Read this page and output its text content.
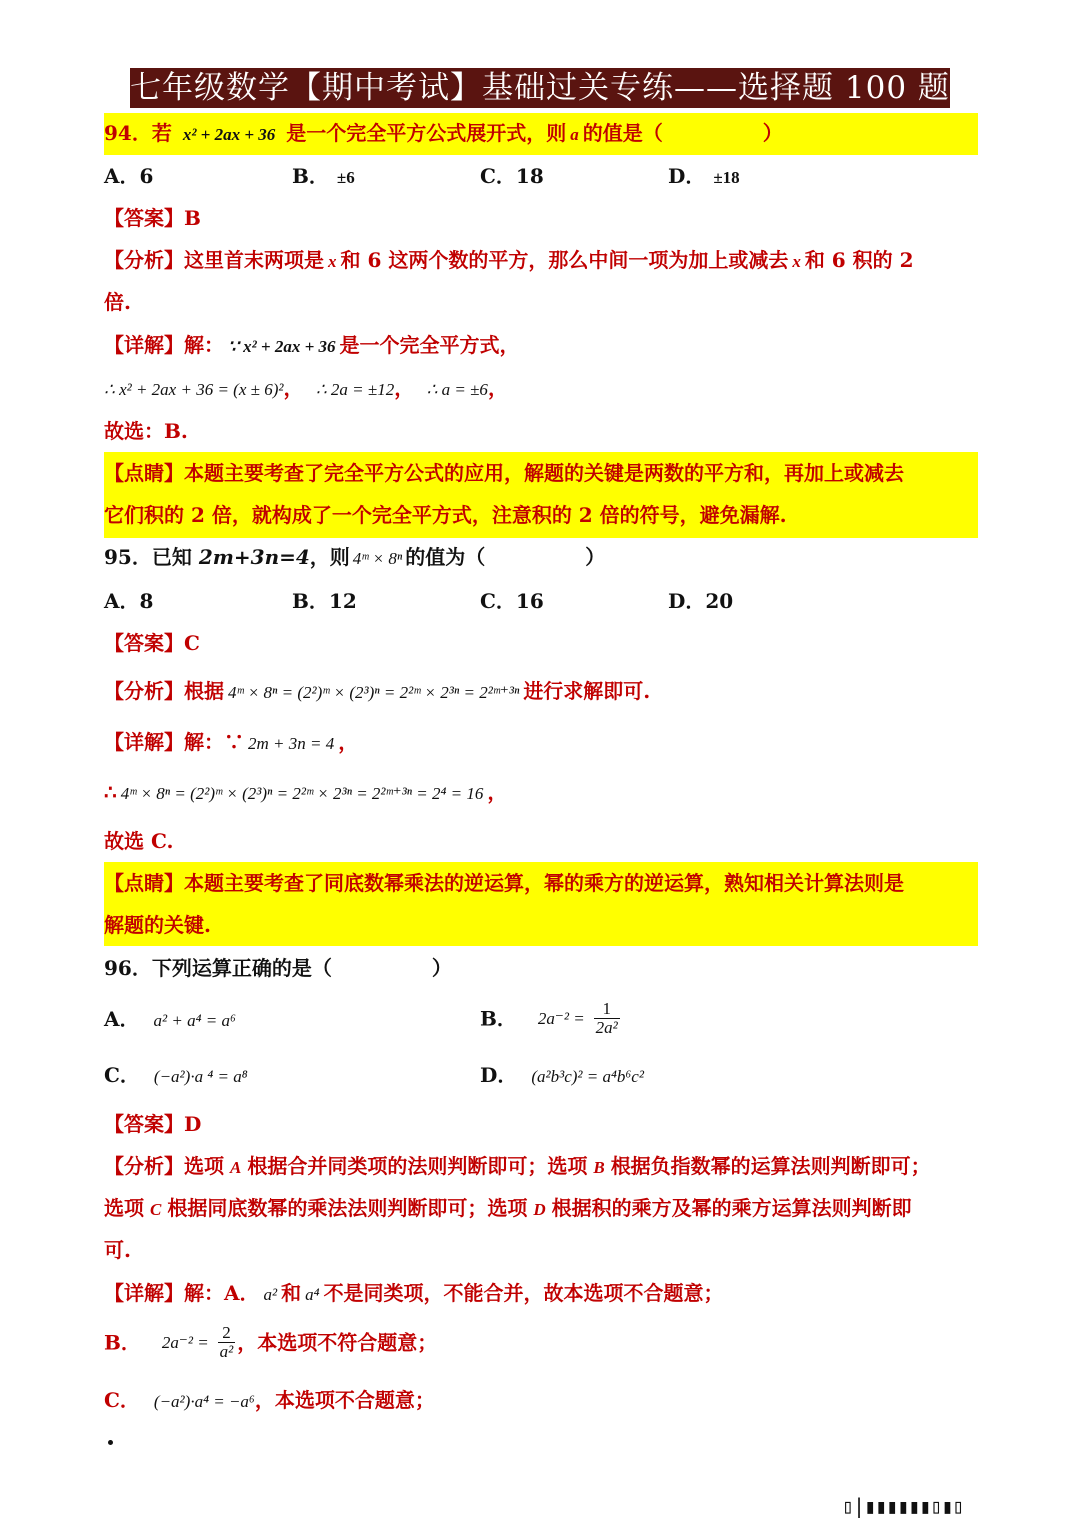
七年级数学【期中考试】基础过关专练——选择题 100 题
94．若 x² + 2ax + 36 是一个完全平方公式展开式，则 a 的值是（　　　　　）
A．6	B． ±6	C．18	D． ±18
【答案】B
【分析】这里首末两项是 x 和 6 这两个数的平方，那么中间一项为加上或减去 x 和 6 积的 2
倍.
【详解】解： ∵ x² + 2ax + 36 是一个完全平方式，
∴ x² + 2ax + 36 = (x ± 6)²， ∴ 2a = ±12， ∴ a = ±6，
故选：B.
【点睛】本题主要考查了完全平方公式的应用，解题的关键是两数的平方和，再加上或减去
它们积的 2 倍，就构成了一个完全平方式，注意积的 2 倍的符号，避免漏解.
95．已知 2m+3n=4，则 4ᵐ × 8ⁿ 的值为（　　　　　）
A．8	B．12	C．16	D．20
【答案】C
【分析】根据 4ᵐ × 8ⁿ = (2²)ᵐ × (2³)ⁿ = 2²ᵐ × 2³ⁿ = 2²ᵐ⁺³ⁿ 进行求解即可.
【详解】解：∵ 2m + 3n = 4 ，
∴ 4ᵐ × 8ⁿ = (2²)ᵐ × (2³)ⁿ = 2²ᵐ × 2³ⁿ = 2²ᵐ⁺³ⁿ = 2⁴ = 16 ，
故选 C.
【点睛】本题主要考查了同底数幂乘法的逆运算，幂的乘方的逆运算，熟知相关计算法则是
解题的关键.
96．下列运算正确的是（　　　　　）
A． a² + a⁴ = a⁶	B． $2a^{-2} = \frac{1}{\text{2a²}}$
C． (−a²)·a ⁴ = a⁸	D． (a²b³c)² = a⁴b⁶c²
【答案】D
【分析】选项 A 根据合并同类项的法则判断即可；选项 B 根据负指数幂的运算法则判断即可；
选项 C 根据同底数幂的乘法法则判断即可；选项 D 根据积的乘方及幂的乘方运算法则判断即
可.
【详解】解：A． a² 和 a⁴ 不是同类项，不能合并，故本选项不合题意；
B． $2a^{-2} = \frac{2}{\text{a²}}$ ，本选项不符合题意；
C． (−a²)·a⁴ = −a⁶，本选项不合题意；
▯|▮▮▮▮▮▮▯▮▯
